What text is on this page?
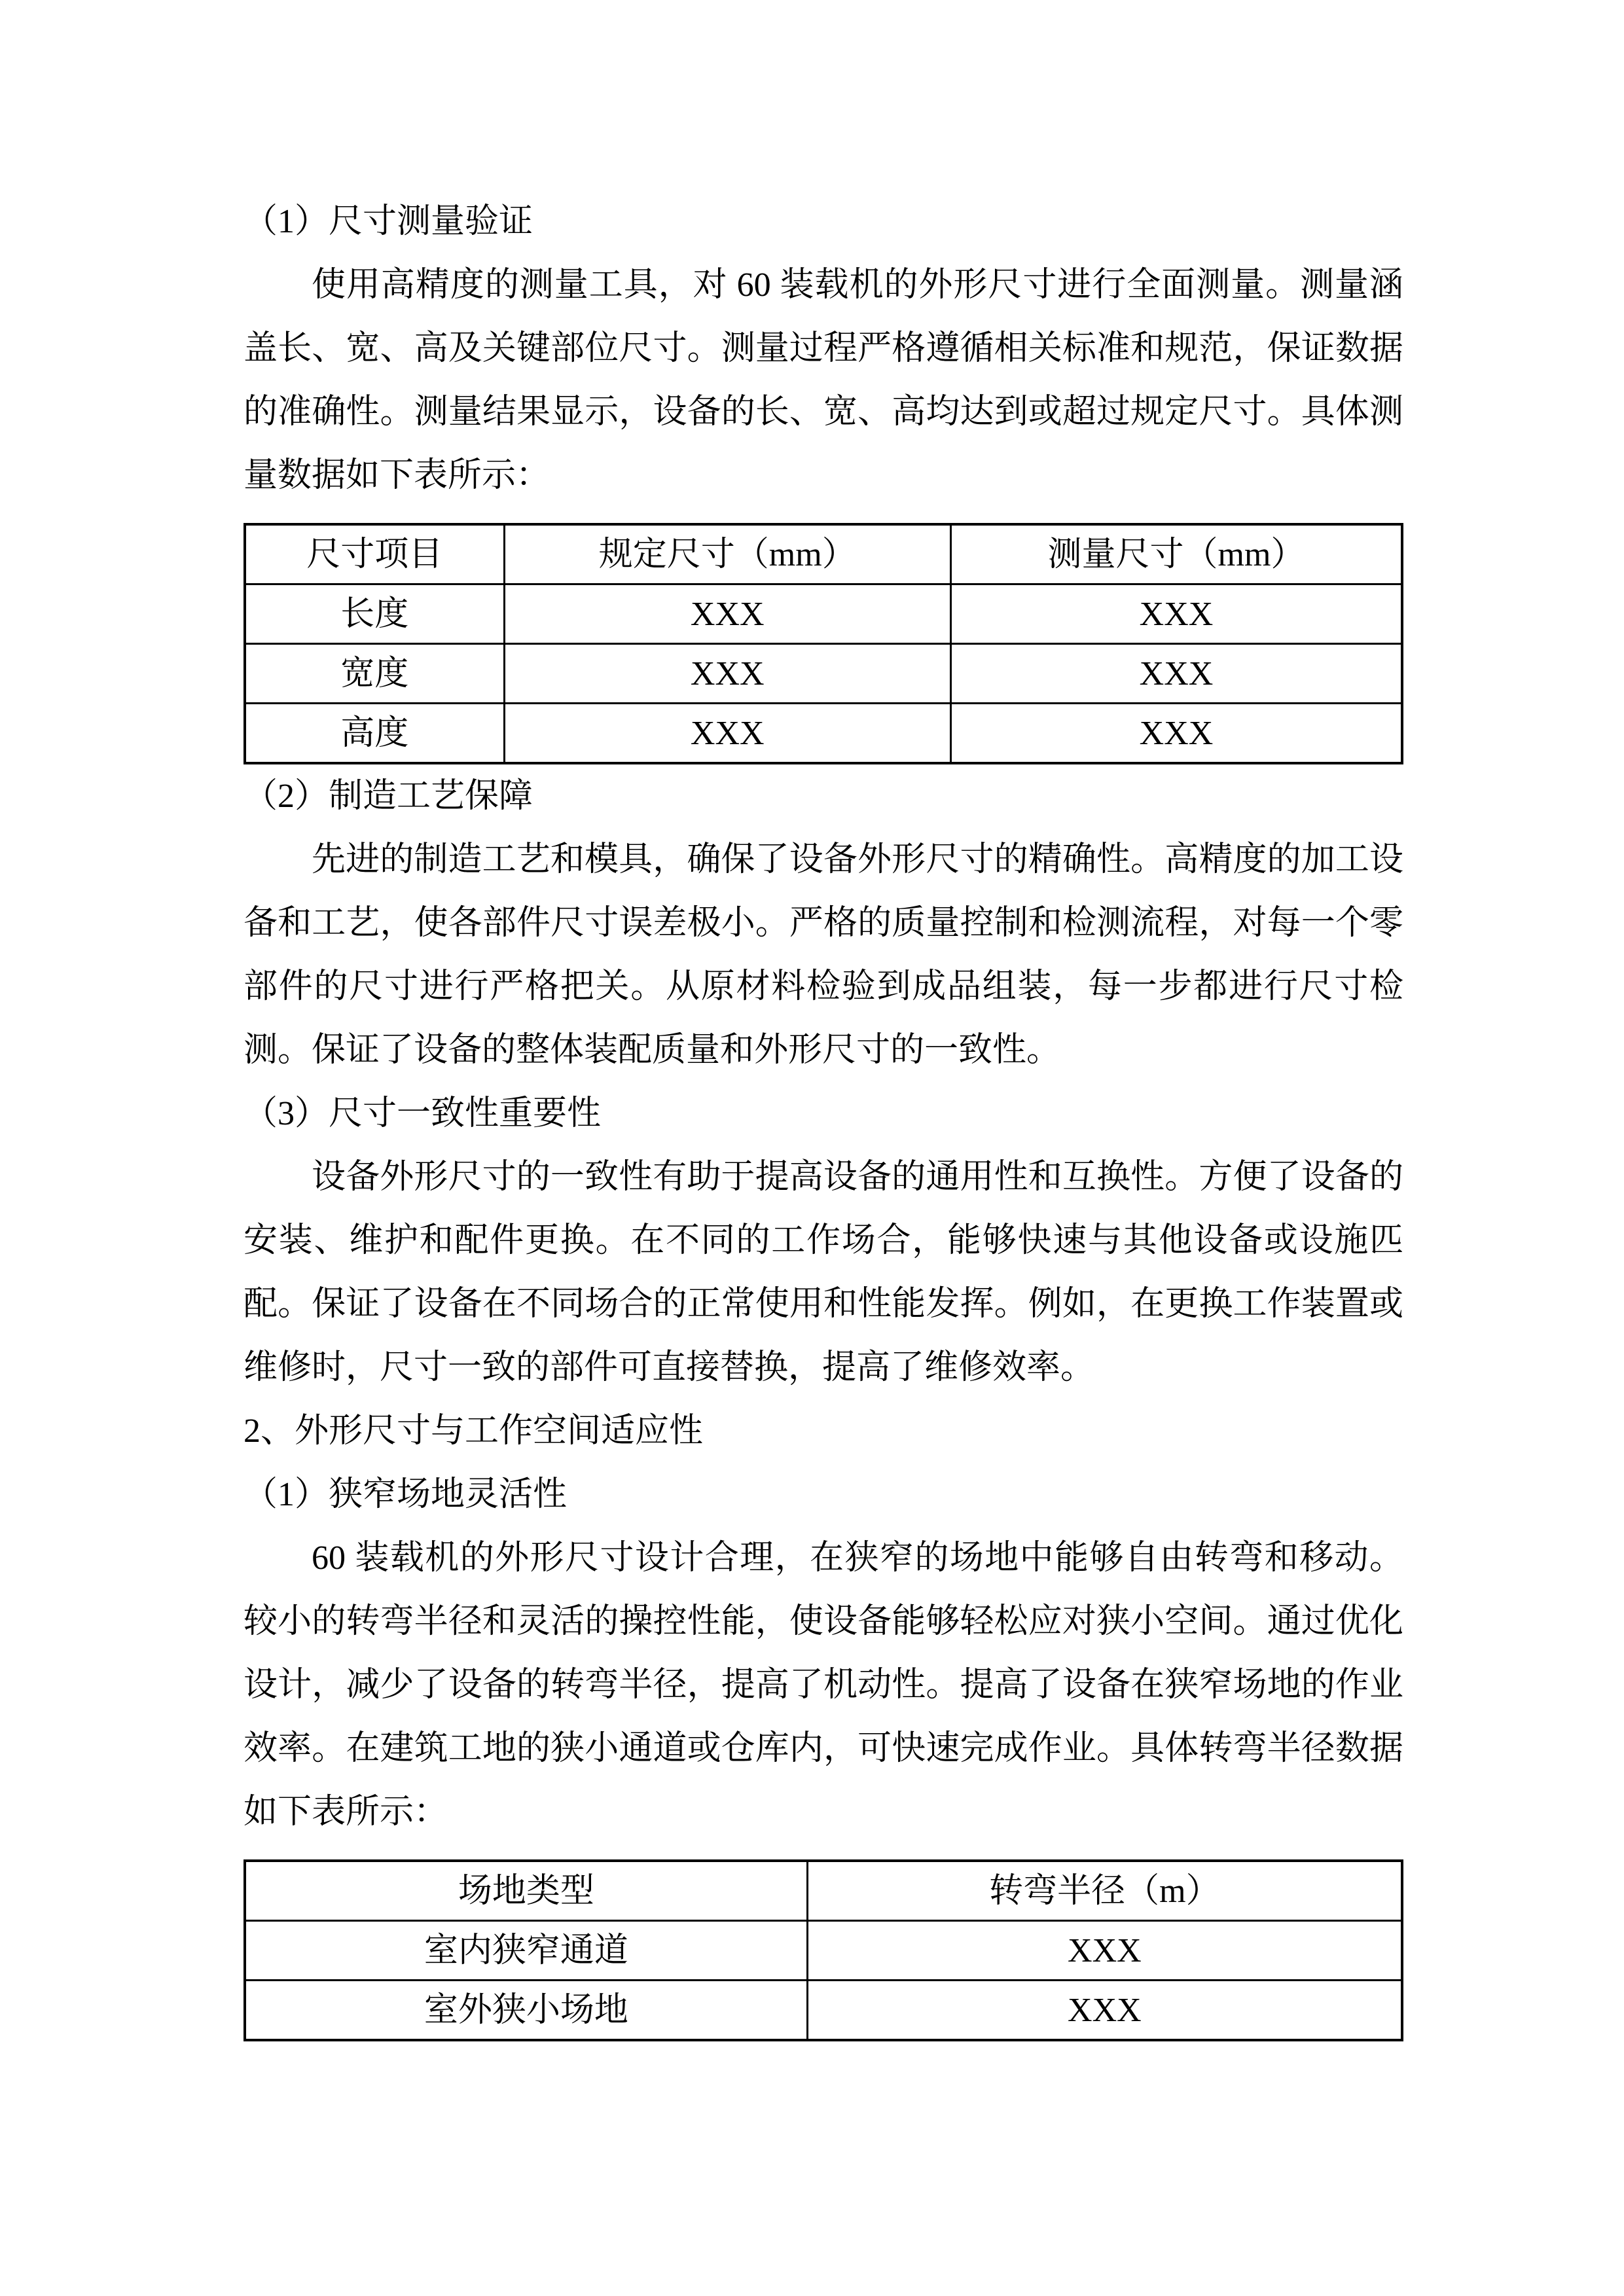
（1）尺寸测量验证

使用高精度的测量工具，对 60 装载机的外形尺寸进行全面测量。测量涵盖长、宽、高及关键部位尺寸。测量过程严格遵循相关标准和规范，保证数据的准确性。测量结果显示，设备的长、宽、高均达到或超过规定尺寸。具体测量数据如下表所示：

尺寸项目	规定尺寸（mm）	测量尺寸（mm）
长度	XXX	XXX
宽度	XXX	XXX
高度	XXX	XXX
（2）制造工艺保障

先进的制造工艺和模具，确保了设备外形尺寸的精确性。高精度的加工设备和工艺，使各部件尺寸误差极小。严格的质量控制和检测流程，对每一个零部件的尺寸进行严格把关。从原材料检验到成品组装，每一步都进行尺寸检测。保证了设备的整体装配质量和外形尺寸的一致性。

（3）尺寸一致性重要性

设备外形尺寸的一致性有助于提高设备的通用性和互换性。方便了设备的安装、维护和配件更换。在不同的工作场合，能够快速与其他设备或设施匹配。保证了设备在不同场合的正常使用和性能发挥。例如，在更换工作装置或维修时，尺寸一致的部件可直接替换，提高了维修效率。

2、外形尺寸与工作空间适应性
（1）狭窄场地灵活性

60 装载机的外形尺寸设计合理，在狭窄的场地中能够自由转弯和移动。较小的转弯半径和灵活的操控性能，使设备能够轻松应对狭小空间。通过优化设计，减少了设备的转弯半径，提高了机动性。提高了设备在狭窄场地的作业效率。在建筑工地的狭小通道或仓库内，可快速完成作业。具体转弯半径数据如下表所示：

场地类型	转弯半径（m）
室内狭窄通道	XXX
室外狭小场地	XXX
